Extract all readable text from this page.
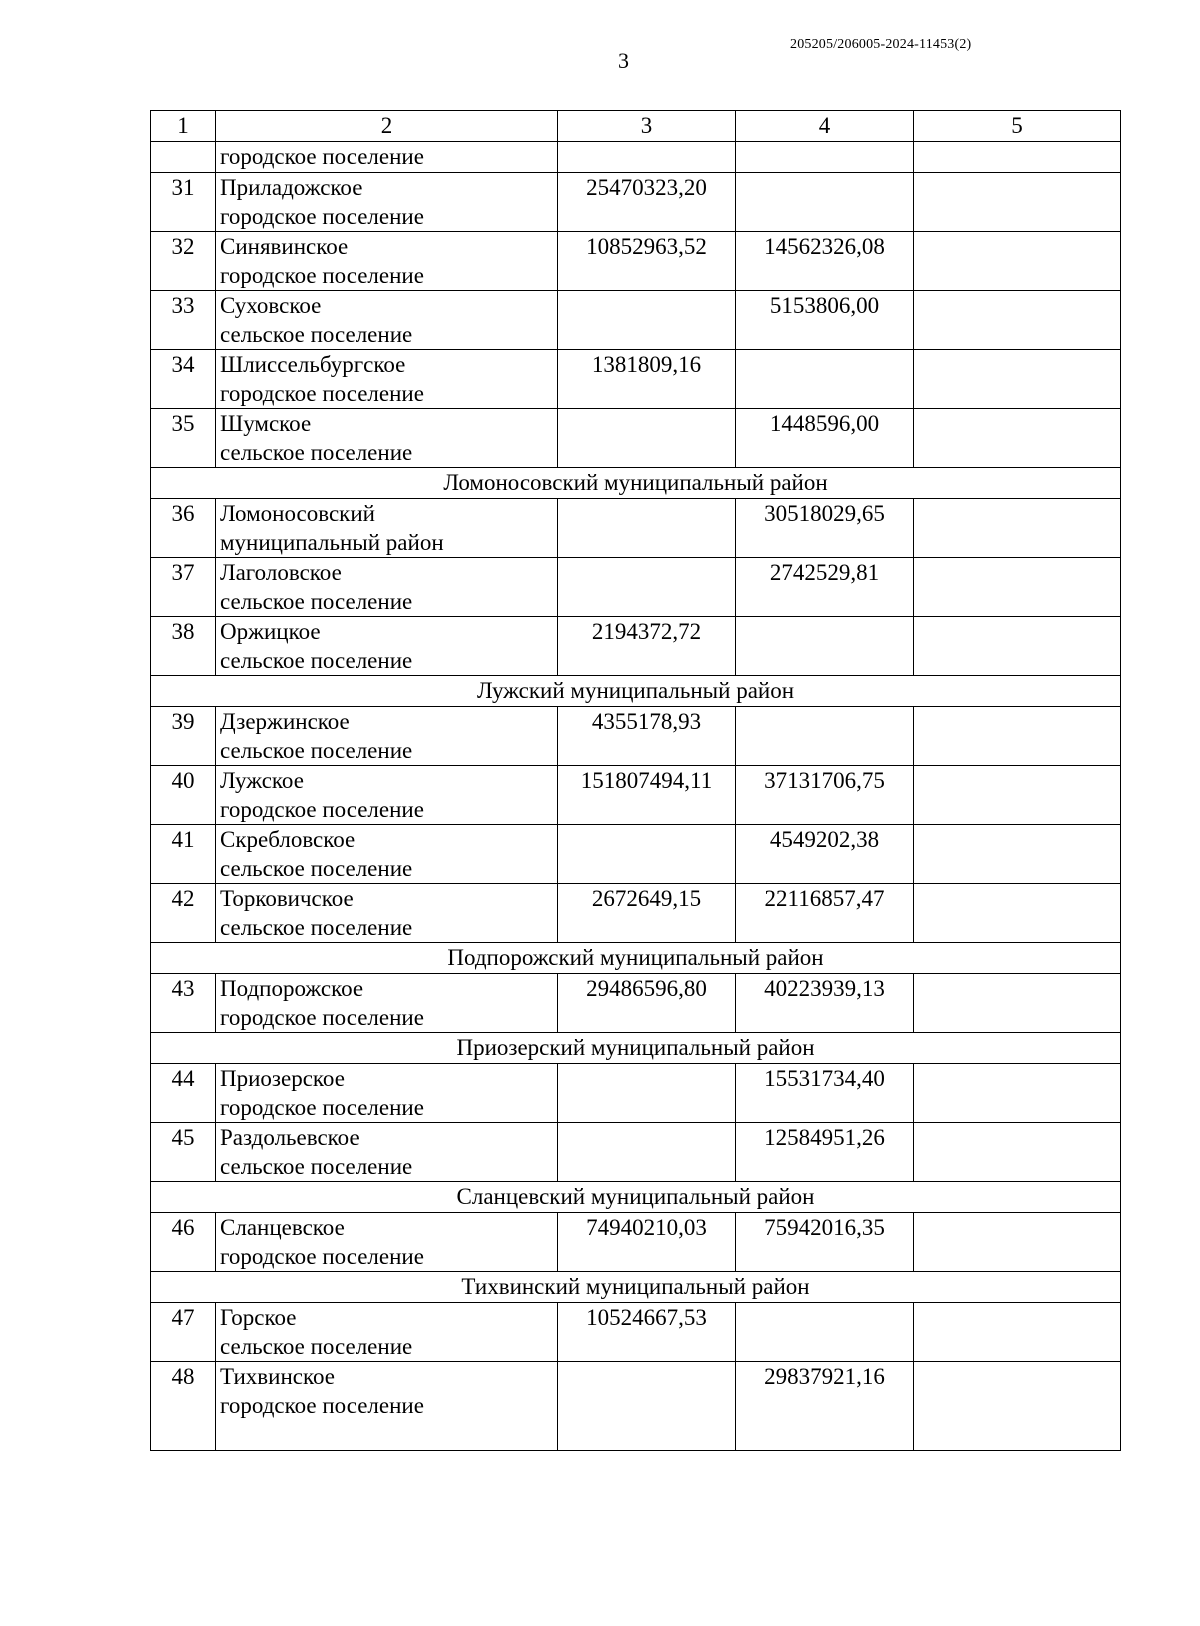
3
205205/206005-2024-11453(2)
1	2	3	4	5
	городское поселение			
31	Приладожское
городское поселение	25470323,20		
32	Синявинское
городское поселение	10852963,52	14562326,08	
33	Суховское
сельское поселение		5153806,00	
34	Шлиссельбургское
городское поселение	1381809,16		
35	Шумское
сельское поселение		1448596,00	
Ломоносовский муниципальный район				
36	Ломоносовский
муниципальный район		30518029,65	
37	Лаголовское
сельское поселение		2742529,81	
38	Оржицкое
сельское поселение	2194372,72		
Лужский муниципальный район				
39	Дзержинское
сельское поселение	4355178,93		
40	Лужское
городское поселение	151807494,11	37131706,75	
41	Скребловское
сельское поселение		4549202,38	
42	Торковичское
сельское поселение	2672649,15	22116857,47	
Подпорожский муниципальный район				
43	Подпорожское
городское поселение	29486596,80	40223939,13	
Приозерский муниципальный район				
44	Приозерское
городское поселение		15531734,40	
45	Раздольевское
сельское поселение		12584951,26	
Сланцевский муниципальный район				
46	Сланцевское
городское поселение	74940210,03	75942016,35	
Тихвинский муниципальный район				
47	Горское
сельское поселение	10524667,53		
48	Тихвинское
городское поселение		29837921,16	
